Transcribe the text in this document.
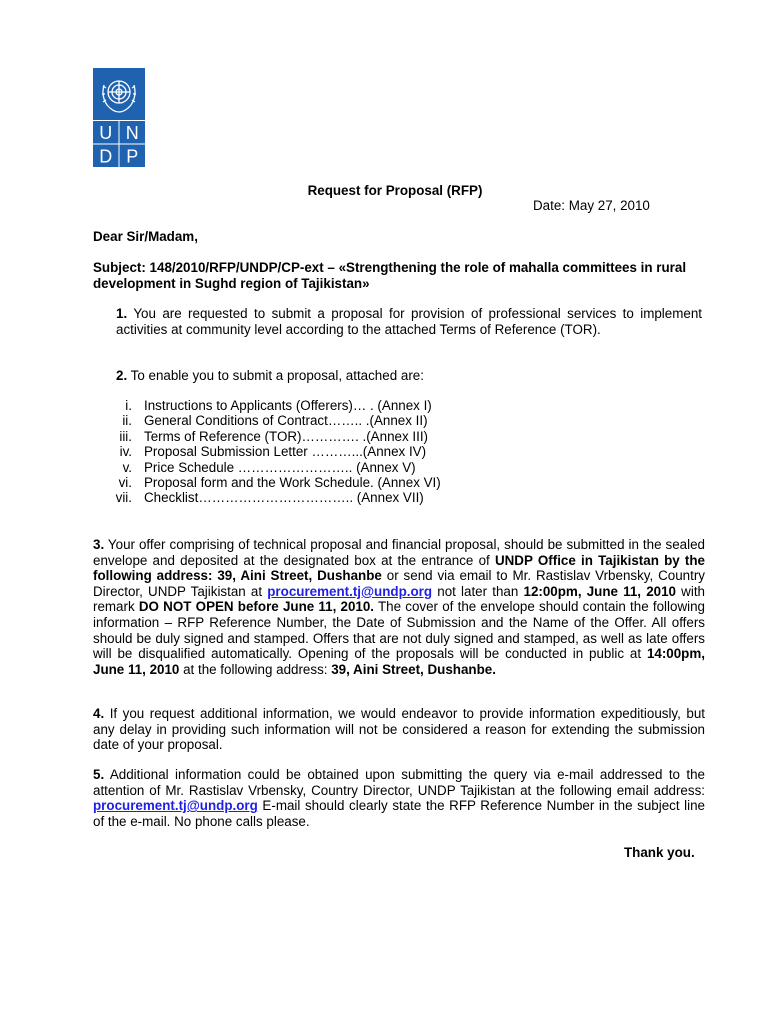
U N
D P
Request for Proposal (RFP)
Date: May 27, 2010
Dear Sir/Madam,
Subject: 148/2010/RFP/UNDP/CP-ext – «Strengthening the role of mahalla committees in rural development in Sughd region of Tajikistan»
1. You are requested to submit a proposal for provision of professional services to implement activities at community level according to the attached Terms of Reference (TOR).
2. To enable you to submit a proposal, attached are:
i. Instructions to Applicants (Offerers)… . (Annex I)
ii. General Conditions of Contract…….. .(Annex II)
iii. Terms of Reference (TOR)…………. .(Annex III)
iv. Proposal Submission Letter ………...(Annex IV)
v. Price Schedule …………………….. (Annex V)
vi. Proposal form and the Work Schedule. (Annex VI)
vii. Checklist…………………………….. (Annex VII)
3. Your offer comprising of technical proposal and financial proposal, should be submitted in the sealed envelope and deposited at the designated box at the entrance of UNDP Office in Tajikistan by the following address: 39, Aini Street, Dushanbe or send via email to Mr. Rastislav Vrbensky, Country Director, UNDP Tajikistan at procurement.tj@undp.org not later than 12:00pm, June 11, 2010 with remark DO NOT OPEN before June 11, 2010. The cover of the envelope should contain the following information – RFP Reference Number, the Date of Submission and the Name of the Offer. All offers should be duly signed and stamped. Offers that are not duly signed and stamped, as well as late offers will be disqualified automatically. Opening of the proposals will be conducted in public at 14:00pm, June 11, 2010 at the following address: 39, Aini Street, Dushanbe.
4. If you request additional information, we would endeavor to provide information expeditiously, but any delay in providing such information will not be considered a reason for extending the submission date of your proposal.
5. Additional information could be obtained upon submitting the query via e-mail addressed to the attention of Mr. Rastislav Vrbensky, Country Director, UNDP Tajikistan at the following email address: procurement.tj@undp.org E-mail should clearly state the RFP Reference Number in the subject line of the e-mail. No phone calls please.
Thank you.
